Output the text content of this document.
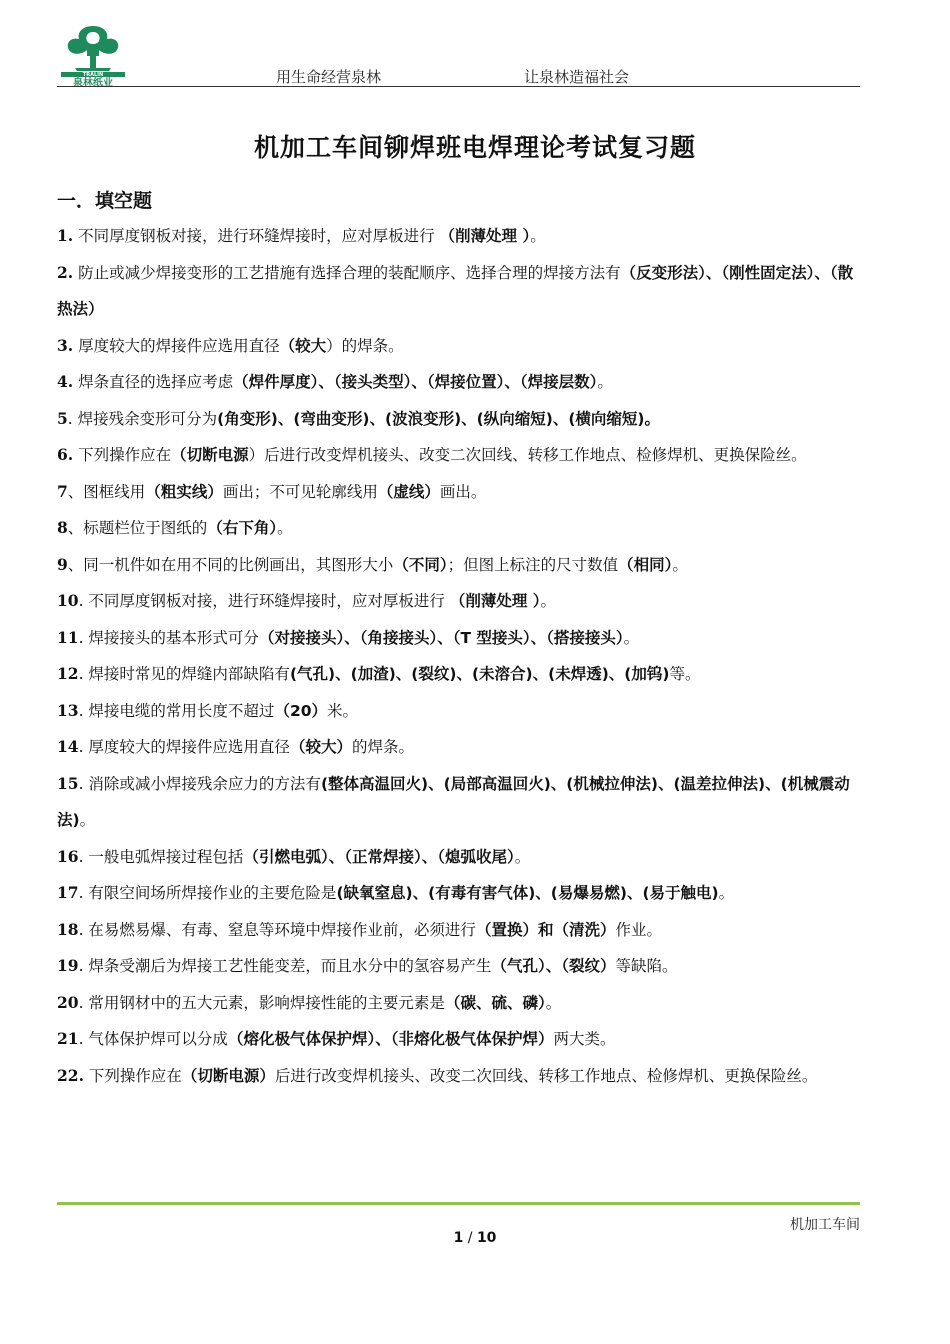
TRALIN
泉林纸业	用生命经营泉林	让泉林造福社会
机加工车间铆焊班电焊理论考试复习题
一．填空题

1. 不同厚度钢板对接，进行环缝焊接时，应对厚板进行 （削薄处理 ）。

2. 防止或减少焊接变形的工艺措施有选择合理的装配顺序、选择合理的焊接方法有（反变形法）、（刚性固定法）、（散热法）

3. 厚度较大的焊接件应选用直径（较大）的焊条。

4. 焊条直径的选择应考虑（焊件厚度）、（接头类型）、（焊接位置）、（焊接层数）。

5. 焊接残余变形可分为(角变形)、(弯曲变形)、(波浪变形)、(纵向缩短)、(横向缩短)。

6. 下列操作应在（切断电源）后进行改变焊机接头、改变二次回线、转移工作地点、检修焊机、更换保险丝。

7、图框线用（粗实线）画出；不可见轮廓线用（虚线）画出。

8、标题栏位于图纸的（右下角）。

9、同一机件如在用不同的比例画出，其图形大小（不同）；但图上标注的尺寸数值（相同）。

10. 不同厚度钢板对接，进行环缝焊接时，应对厚板进行 （削薄处理 ）。

11. 焊接接头的基本形式可分（对接接头）、（角接接头）、（T 型接头）、（搭接接头）。

12. 焊接时常见的焊缝内部缺陷有(气孔)、(加渣)、(裂纹)、(未溶合)、(未焊透)、(加钨)等。

13. 焊接电缆的常用长度不超过（20）米。

14. 厚度较大的焊接件应选用直径（较大）的焊条。

15. 消除或减小焊接残余应力的方法有(整体高温回火)、(局部高温回火)、(机械拉伸法)、(温差拉伸法)、(机械震动法)。

16. 一般电弧焊接过程包括（引燃电弧）、（正常焊接）、（熄弧收尾）。

17. 有限空间场所焊接作业的主要危险是(缺氧窒息)、(有毒有害气体)、(易爆易燃)、(易于触电)。

18. 在易燃易爆、有毒、窒息等环境中焊接作业前，必须进行（置换）和（清洗）作业。

19. 焊条受潮后为焊接工艺性能变差，而且水分中的氢容易产生（气孔）、（裂纹）等缺陷。

20. 常用钢材中的五大元素，影响焊接性能的主要元素是（碳、硫、磷）。

21. 气体保护焊可以分成（熔化极气体保护焊）、（非熔化极气体保护焊）两大类。

22. 下列操作应在（切断电源）后进行改变焊机接头、改变二次回线、转移工作地点、检修焊机、更换保险丝。

机加工车间
1 / 10
